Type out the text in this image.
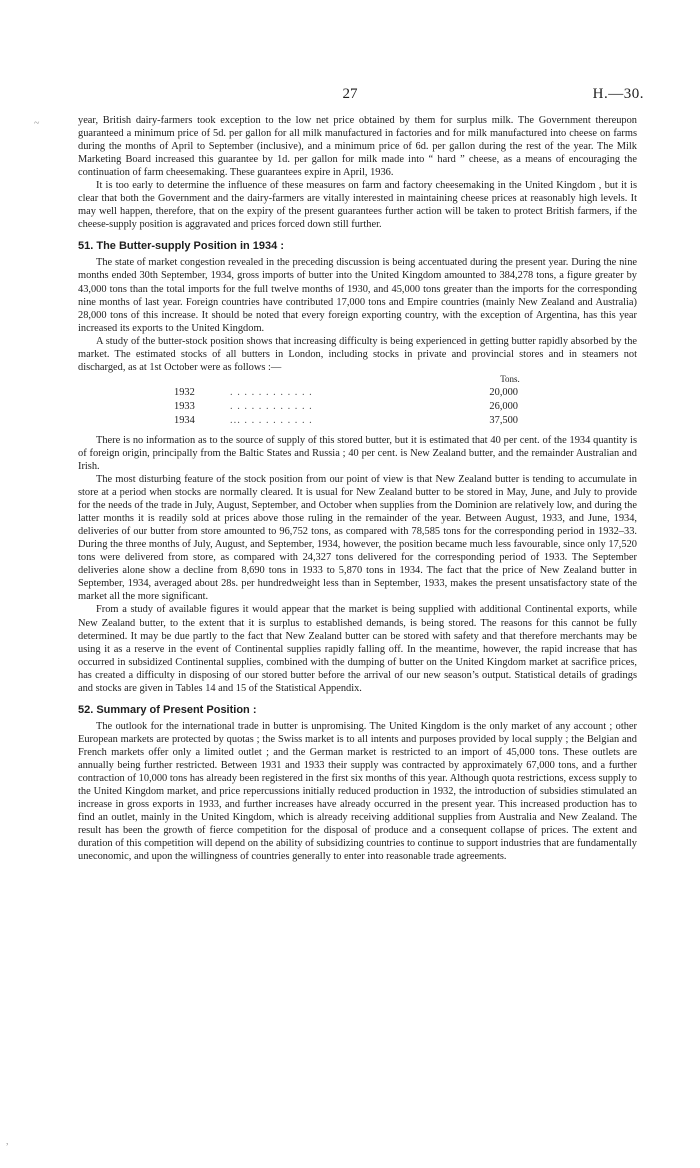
~
27	H.—30.

year, British dairy-farmers took exception to the low net price obtained by them for surplus milk. The Government thereupon guaranteed a minimum price of 5d. per gallon for all milk manufactured in factories and for milk manufactured into cheese on farms during the months of April to September (inclusive), and a minimum price of 6d. per gallon during the rest of the year. The Milk Marketing Board increased this guarantee by 1d. per gallon for milk made into “ hard ” cheese, as a means of encouraging the continuation of farm cheesemaking. These guarantees expire in April, 1936.

It is too early to determine the influence of these measures on farm and factory cheesemaking in the United Kingdom , but it is clear that both the Government and the dairy-farmers are vitally interested in maintaining cheese prices at reasonably high levels. It may well happen, therefore, that on the expiry of the present guarantees further action will be taken to protect British farmers, if the cheese-supply position is aggravated and prices forced down still further.

51. The Butter-supply Position in 1934 :

The state of market congestion revealed in the preceding discussion is being accentuated during the present year. During the nine months ended 30th September, 1934, gross imports of butter into the United Kingdom amounted to 384,278 tons, a figure greater by 43,000 tons than the total imports for the full twelve months of 1930, and 45,000 tons greater than the imports for the corresponding nine months of last year. Foreign countries have contributed 17,000 tons and Empire countries (mainly New Zealand and Australia) 28,000 tons of this increase. It should be noted that every foreign exporting country, with the exception of Argentina, has this year increased its exports to the United Kingdom.

A study of the butter-stock position shows that increasing difficulty is being experienced in getting butter rapidly absorbed by the market. The estimated stocks of all butters in London, including stocks in private and provincial stores and in steamers not discharged, as at 1st October were as follows :—

Tons.
1932	. . . . . . . . . . . .	20,000
1933	. . . . . . . . . . . .	26,000
1934	... . . . . . . . . . .	37,500

There is no information as to the source of supply of this stored butter, but it is estimated that 40 per cent. of the 1934 quantity is of foreign origin, principally from the Baltic States and Russia ; 40 per cent. is New Zealand butter, and the remainder Australian and Irish.

The most disturbing feature of the stock position from our point of view is that New Zealand butter is tending to accumulate in store at a period when stocks are normally cleared. It is usual for New Zealand butter to be stored in May, June, and July to provide for the needs of the trade in July, August, September, and October when supplies from the Dominion are relatively low, and during the latter months it is readily sold at prices above those ruling in the remainder of the year. Between August, 1933, and June, 1934, deliveries of our butter from store amounted to 96,752 tons, as compared with 78,585 tons for the corresponding period in 1932–33. During the three months of July, August, and September, 1934, however, the position became much less favourable, since only 17,520 tons were delivered from store, as compared with 24,327 tons delivered for the corresponding period of 1933. The September deliveries alone show a decline from 8,690 tons in 1933 to 5,870 tons in 1934. The fact that the price of New Zealand butter in September, 1934, averaged about 28s. per hundredweight less than in September, 1933, makes the present unsatisfactory state of the market all the more significant.

From a study of available figures it would appear that the market is being supplied with additional Continental exports, while New Zealand butter, to the extent that it is surplus to established demands, is being stored. The reasons for this cannot be fully determined. It may be due partly to the fact that New Zealand butter can be stored with safety and that therefore merchants may be using it as a reserve in the event of Continental supplies rapidly falling off. In the meantime, however, the rapid increase that has occurred in subsidized Continental supplies, combined with the dumping of butter on the United Kingdom market at sacrifice prices, has created a difficulty in disposing of our stored butter before the arrival of our new season’s output. Statistical details of gradings and stocks are given in Tables 14 and 15 of the Statistical Appendix.

52. Summary of Present Position :

The outlook for the international trade in butter is unpromising. The United Kingdom is the only market of any account ; other European markets are protected by quotas ; the Swiss market is to all intents and purposes provided by local supply ; the Belgian and French markets offer only a limited outlet ; and the German market is restricted to an import of 45,000 tons. These outlets are annually being further restricted. Between 1931 and 1933 their supply was contracted by approximately 67,000 tons, and a further contraction of 10,000 tons has already been registered in the first six months of this year. Although quota restrictions, excess supply to the United Kingdom market, and price repercussions initially reduced production in 1932, the introduction of subsidies stimulated an increase in gross exports in 1933, and further increases have already occurred in the present year. This increased production has to find an outlet, mainly in the United Kingdom, which is already receiving additional supplies from Australia and New Zealand. The result has been the growth of fierce competition for the disposal of produce and a consequent collapse of prices. The extent and duration of this competition will depend on the ability of subsidizing countries to continue to support industries that are fundamentally uneconomic, and upon the willingness of countries generally to enter into reasonable trade agreements.

,
